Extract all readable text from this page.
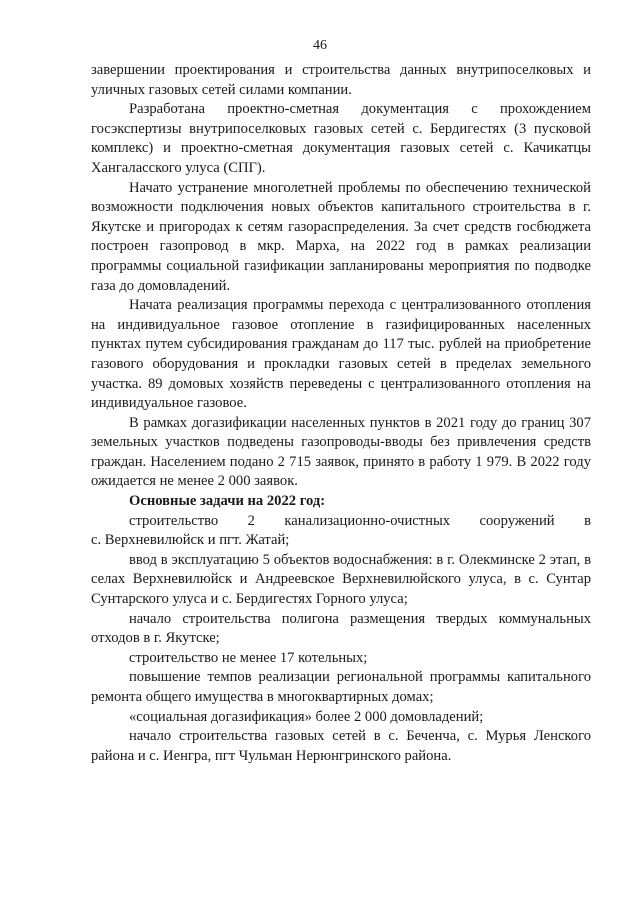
46

завершении проектирования и строительства данных внутрипоселковых и уличных газовых сетей силами компании.

Разработана проектно-сметная документация с прохождением госэкспертизы внутрипоселковых газовых сетей с. Бердигестях (3 пусковой комплекс) и проектно-сметная документация газовых сетей с. Качикатцы Хангаласского улуса (СПГ).

Начато устранение многолетней проблемы по обеспечению технической возможности подключения новых объектов капитального строительства в г. Якутске и пригородах к сетям газораспределения. За счет средств госбюджета построен газопровод в мкр. Марха, на 2022 год в рамках реализации программы социальной газификации запланированы мероприятия по подводке газа до домовладений.

Начата реализация программы перехода с централизованного отопления на индивидуальное газовое отопление в газифицированных населенных пунктах путем субсидирования гражданам до 117 тыс. рублей на приобретение газового оборудования и прокладки газовых сетей в пределах земельного участка. 89 домовых хозяйств переведены с централизованного отопления на индивидуальное газовое.

В рамках догазификации населенных пунктов в 2021 году до границ 307 земельных участков подведены газопроводы-вводы без привлечения средств граждан. Населением подано 2 715 заявок, принято в работу 1 979. В 2022 году ожидается не менее 2 000 заявок.

Основные задачи на 2022 год:

строительство 2 канализационно-очистных сооружений в

с. Верхневилюйск и пгт. Жатай;

ввод в эксплуатацию 5 объектов водоснабжения: в г. Олекминске 2 этап, в селах Верхневилюйск и Андреевское Верхневилюйского улуса, в с. Сунтар Сунтарского улуса и с. Бердигестях Горного улуса;

начало строительства полигона размещения твердых коммунальных отходов в г. Якутске;

строительство не менее 17 котельных;

повышение темпов реализации региональной программы капитального ремонта общего имущества в многоквартирных домах;

«социальная догазификация» более 2 000 домовладений;

начало строительства газовых сетей в с. Беченча, с. Мурья Ленского района и с. Иенгра, пгт Чульман Нерюнгринского района.
